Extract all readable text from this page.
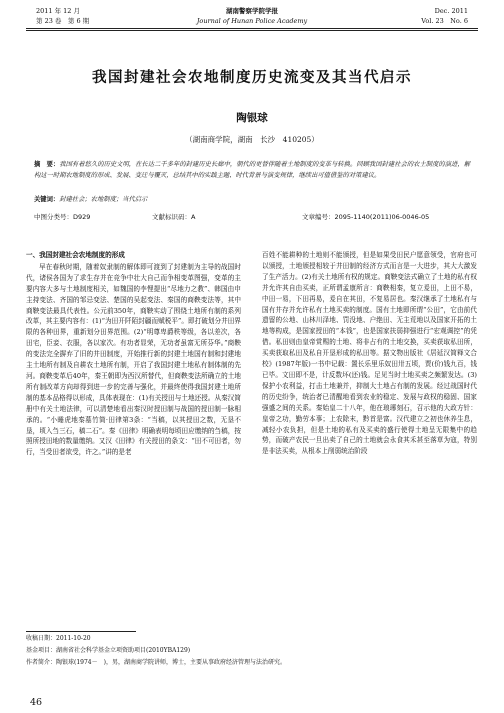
2011 年 12 月
第 23 卷　第 6 期
湖南警察学院学报
Journal of Hunan Police Academy
Dec. 2011
Vol. 23　No. 6
我国封建社会农地制度历史流变及其当代启示
陶银球
（湖南商学院，湖南　长沙　410205）
摘　要：我国有着悠久的历史文明，在长达二千多年的封建历史长廊中，朝代的更替伴随着土地制度的变革与转换。回顾我国封建社会的农土制度的演进，解构这一时期农地制度的形成、发展、变迁与覆灭，总结其中的实践主题、时代背景与演变规律，继续出可值借鉴的对策建议。
关键词：封建社会；农地制度；当代启示
中图分类号：D929	文献标识码：A	文章编号：2095-1140(2011)06-0046-05

一、我国封建社会农地制度的形成

早在春秋时期，随着奴隶制的解体即可渡到了封建制为主导的战国时代，诸侯各国为了求生存并在竞争中壮大自己而争相变革图强，变革的主要内容大多与土地制度相关，如魏国的李悝提出“尽地力之教”、韩国由申主持变法、齐国的邹忌变法、楚国的吴起变法、秦国的商鞅变法等，其中商鞅变法最具代表性。公元前350年，商鞅实动了围绕土地所有制的系列改革，其主要内容有：(1)“为田开阡陌封疆而赋税平”。即打破划分井田界限的各种田界，重新划分田界范围。(2)“明尊卑爵秩等级，各以差次，各田宅，臣妾、衣服，各以家次。有功者显荣，无功者虽富无所芬华。”商鞅的变法完全摒弃了旧的井田制度，开始推行新的封建土地国有制和封建地主土地所有制及自耕农土地所有制，开启了我国封建土地私有制体制的先河。商鞅变革后40年，秦王朝即为西汉所替代，但商鞅变法所确立的土地所有制改革方向却得到进一步的完善与强化，并最终使得我国封建土地所制的基本品格得以形成，具体表现在：(1)有关授田与土地还授。从秦汉简册中有关土地法律，可以清楚地看出秦汉时授田制与战国的授田制一脉相承的。“小睡虎地秦墓竹简·田律第3条：“当稿，以其授田之数，无垦不垦，顷入刍三石，稿二石”。秦《田律》明确表明每顷田应缴纳的刍稿，按照所授田地的数量缴纳。又汉《田律》有关授田的条文：“田不可田者，勿行，当受田者欲受，许之。”讲的是老

百姓不能耕种的土地则不能颁授，但是如果受田民户愿意领受，官府也可以颁授，土地颁授相较于井田制的经济方式而言是一大进步，其大大激发了生产活力。(2)有关土地所有权的规定。商鞅变法式确立了土地的私有权并允许其自由买卖，正所谓孟康所言：商鞅相秦，复立爰田，上田不易，中田一易，下田再易，爰自在其田，不复易居也。秦汉继承了土地私有与国有井存并允许私有土地买卖的制度。国有土地即所谓“公田”，它由前代遗留的公地、山林川泽地、罚没地、户绝田、无主荒地以及国家开拓的土地等构成，是国家授田的“本钱”，也是国家扶弱抑强进行“宏观调控”的凭借。私田则由皇帝赏赐的土地、将非占有的土地交换，买卖获取私田所，买卖获取私田及私自开垦形成的私田等。据文物出版社《居延汉简释文合校》(1987年版)一书中记载：置长乐里乐奴田卅五顷，贾(价)钱九百，钱已毕。文田即不是，计反数坏(还)钱。足见当时土地买卖之频繁发达。(3)保护小农利益，打击土地兼并，抑制大土地占有制的发展。经过战国时代的历史纷争，统治者已清醒地看到农业的稳定、发展与政权的稳固、国家强盛之间的关系。秦始皇二十八年，他在琅琊刻石，召示他的大政方针：皇帝之功，勤劳本事；上农除末，黔首是富。汉代建立之初也休养生息，减轻小农负担，但是土地的私有及买卖的盛行使得土地呈无限集中的趋势，而破产农民一旦出卖了自己的土地就会永食其禾甚至落草为寇，特别是非法买卖，从根本上削弱统治阶段

收稿日期：2011-10-20
基金项目：湖南省社会科学基金立项资助项目(2010YBA129)
作者简介：陶银球(1974－　)，男，湖南商学院讲师，博士，主要从事政府经济管理与法治研究。
46
